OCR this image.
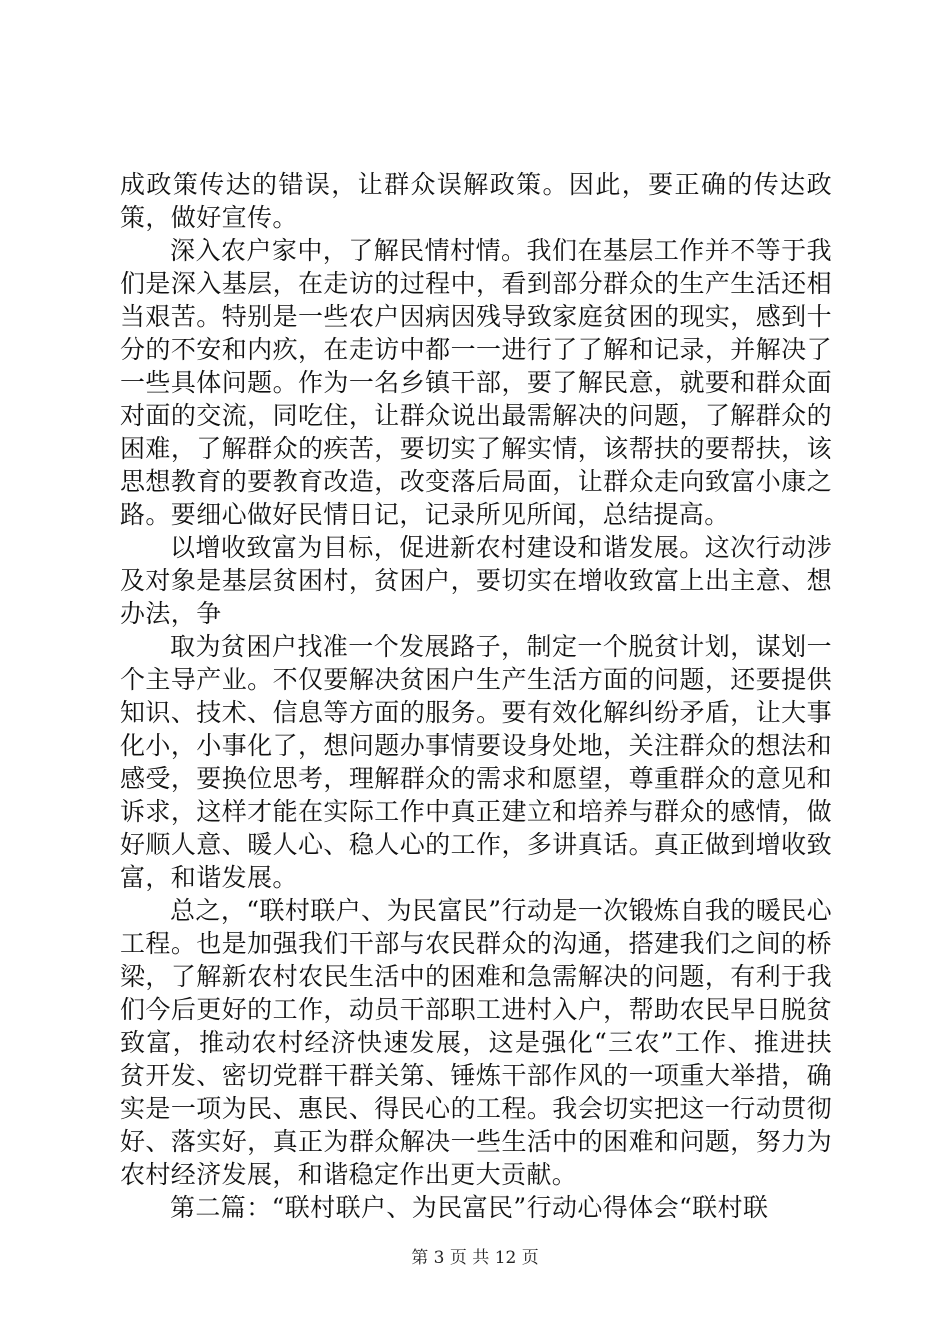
成政策传达的错误，让群众误解政策。因此，要正确的传达政策，做好宣传。

深入农户家中，了解民情村情。我们在基层工作并不等于我们是深入基层，在走访的过程中，看到部分群众的生产生活还相当艰苦。特别是一些农户因病因残导致家庭贫困的现实，感到十分的不安和内疚，在走访中都一一进行了了解和记录，并解决了一些具体问题。作为一名乡镇干部，要了解民意，就要和群众面对面的交流，同吃住，让群众说出最需解决的问题，了解群众的困难，了解群众的疾苦，要切实了解实情，该帮扶的要帮扶，该思想教育的要教育改造，改变落后局面，让群众走向致富小康之路。要细心做好民情日记，记录所见所闻，总结提高。

以增收致富为目标，促进新农村建设和谐发展。这次行动涉及对象是基层贫困村，贫困户，要切实在增收致富上出主意、想办法，争

取为贫困户找准一个发展路子，制定一个脱贫计划，谋划一个主导产业。不仅要解决贫困户生产生活方面的问题，还要提供知识、技术、信息等方面的服务。要有效化解纠纷矛盾，让大事化小，小事化了，想问题办事情要设身处地，关注群众的想法和感受，要换位思考，理解群众的需求和愿望，尊重群众的意见和诉求，这样才能在实际工作中真正建立和培养与群众的感情，做好顺人意、暖人心、稳人心的工作，多讲真话。真正做到增收致富，和谐发展。

总之，“联村联户、为民富民”行动是一次锻炼自我的暖民心工程。也是加强我们干部与农民群众的沟通，搭建我们之间的桥梁，了解新农村农民生活中的困难和急需解决的问题，有利于我们今后更好的工作，动员干部职工进村入户，帮助农民早日脱贫致富，推动农村经济快速发展，这是强化“三农”工作、推进扶贫开发、密切党群干群关第、锤炼干部作风的一项重大举措，确实是一项为民、惠民、得民心的工程。我会切实把这一行动贯彻好、落实好，真正为群众解决一些生活中的困难和问题，努力为农村经济发展，和谐稳定作出更大贡献。

第二篇：“联村联户、为民富民”行动心得体会“联村联

第 3 页 共 12 页
